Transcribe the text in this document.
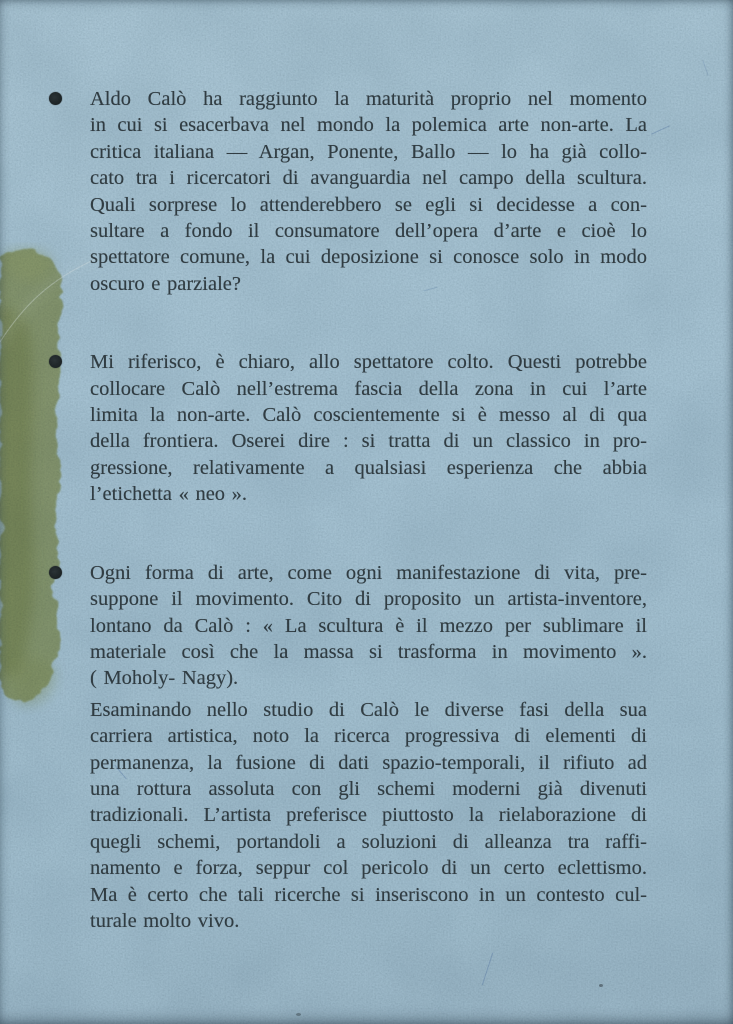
Aldo Calò ha raggiunto la maturità proprio nel momento
in cui si esacerbava nel mondo la polemica arte non-arte. La
critica italiana — Argan, Ponente, Ballo — lo ha già collo-
cato tra i ricercatori di avanguardia nel campo della scultura.
Quali sorprese lo attenderebbero se egli si decidesse a con-
sultare a fondo il consumatore dell’opera d’arte e cioè lo
spettatore comune, la cui deposizione si conosce solo in modo
oscuro e parziale?
Mi riferisco, è chiaro, allo spettatore colto. Questi potrebbe
collocare Calò nell’estrema fascia della zona in cui l’arte
limita la non-arte. Calò coscientemente si è messo al di qua
della frontiera. Oserei dire : si tratta di un classico in pro-
gressione, relativamente a qualsiasi esperienza che abbia
l’etichetta « neo ».
Ogni forma di arte, come ogni manifestazione di vita, pre-
suppone il movimento. Cito di proposito un artista-inventore,
lontano da Calò : « La scultura è il mezzo per sublimare il
materiale così che la massa si trasforma in movimento ».
( Moholy- Nagy).
Esaminando nello studio di Calò le diverse fasi della sua
carriera artistica, noto la ricerca progressiva di elementi di
permanenza, la fusione di dati spazio-temporali, il rifiuto ad
una rottura assoluta con gli schemi moderni già divenuti
tradizionali. L’artista preferisce piuttosto la rielaborazione di
quegli schemi, portandoli a soluzioni di alleanza tra raffi-
namento e forza, seppur col pericolo di un certo eclettismo.
Ma è certo che tali ricerche si inseriscono in un contesto cul-
turale molto vivo.
